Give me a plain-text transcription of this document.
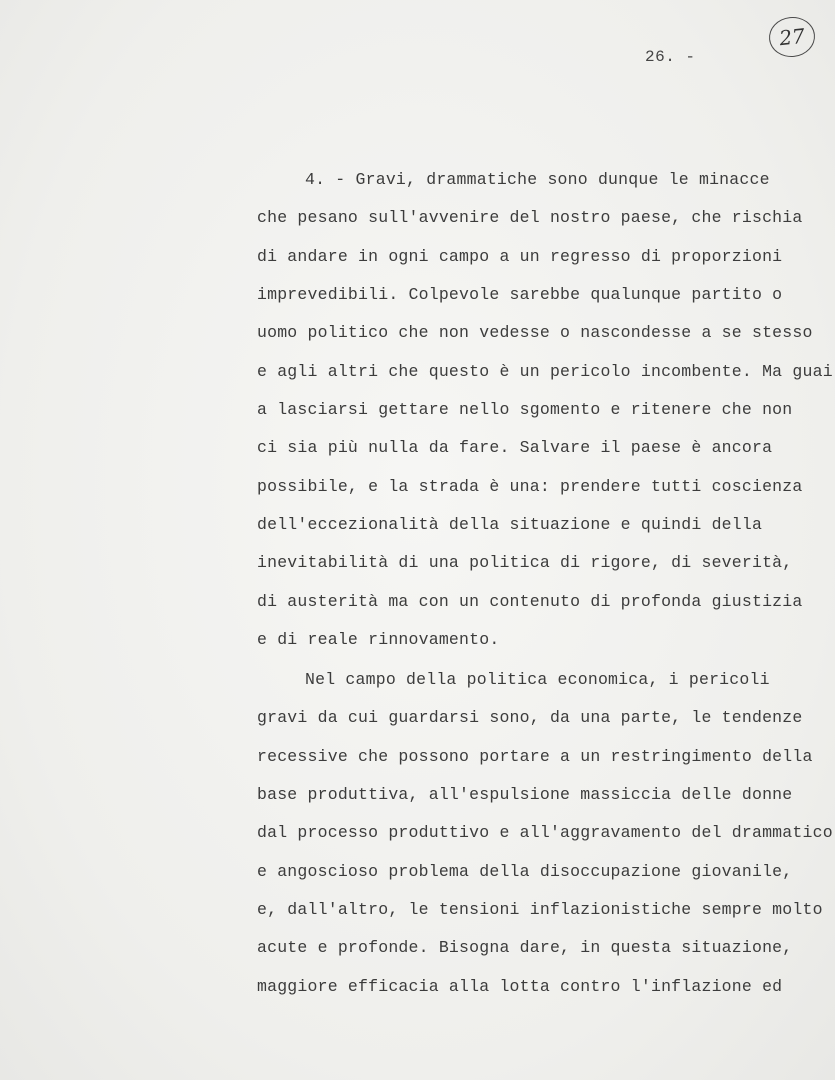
27
26. -
4. - Gravi, drammatiche sono dunque le minacce
che pesano sull'avvenire del nostro paese, che rischia
di andare in ogni campo a un regresso di proporzioni
imprevedibili. Colpevole sarebbe qualunque partito o
uomo politico che non vedesse o nascondesse a se stesso
e agli altri che questo è un pericolo incombente. Ma guai
a lasciarsi gettare nello sgomento e ritenere che non
ci sia più nulla da fare. Salvare il paese è ancora
possibile, e la strada è una: prendere tutti coscienza
dell'eccezionalità della situazione e quindi della
inevitabilità di una politica di rigore, di severità,
di austerità ma con un contenuto di profonda giustizia
e di reale rinnovamento.
Nel campo della politica economica, i pericoli
gravi da cui guardarsi sono, da una parte, le tendenze
recessive che possono portare a un restringimento della
base produttiva, all'espulsione massiccia delle donne
dal processo produttivo e all'aggravamento del drammatico
e angoscioso problema della disoccupazione giovanile,
e, dall'altro, le tensioni inflazionistiche sempre molto
acute e profonde. Bisogna dare, in questa situazione,
maggiore efficacia alla lotta contro l'inflazione ed
